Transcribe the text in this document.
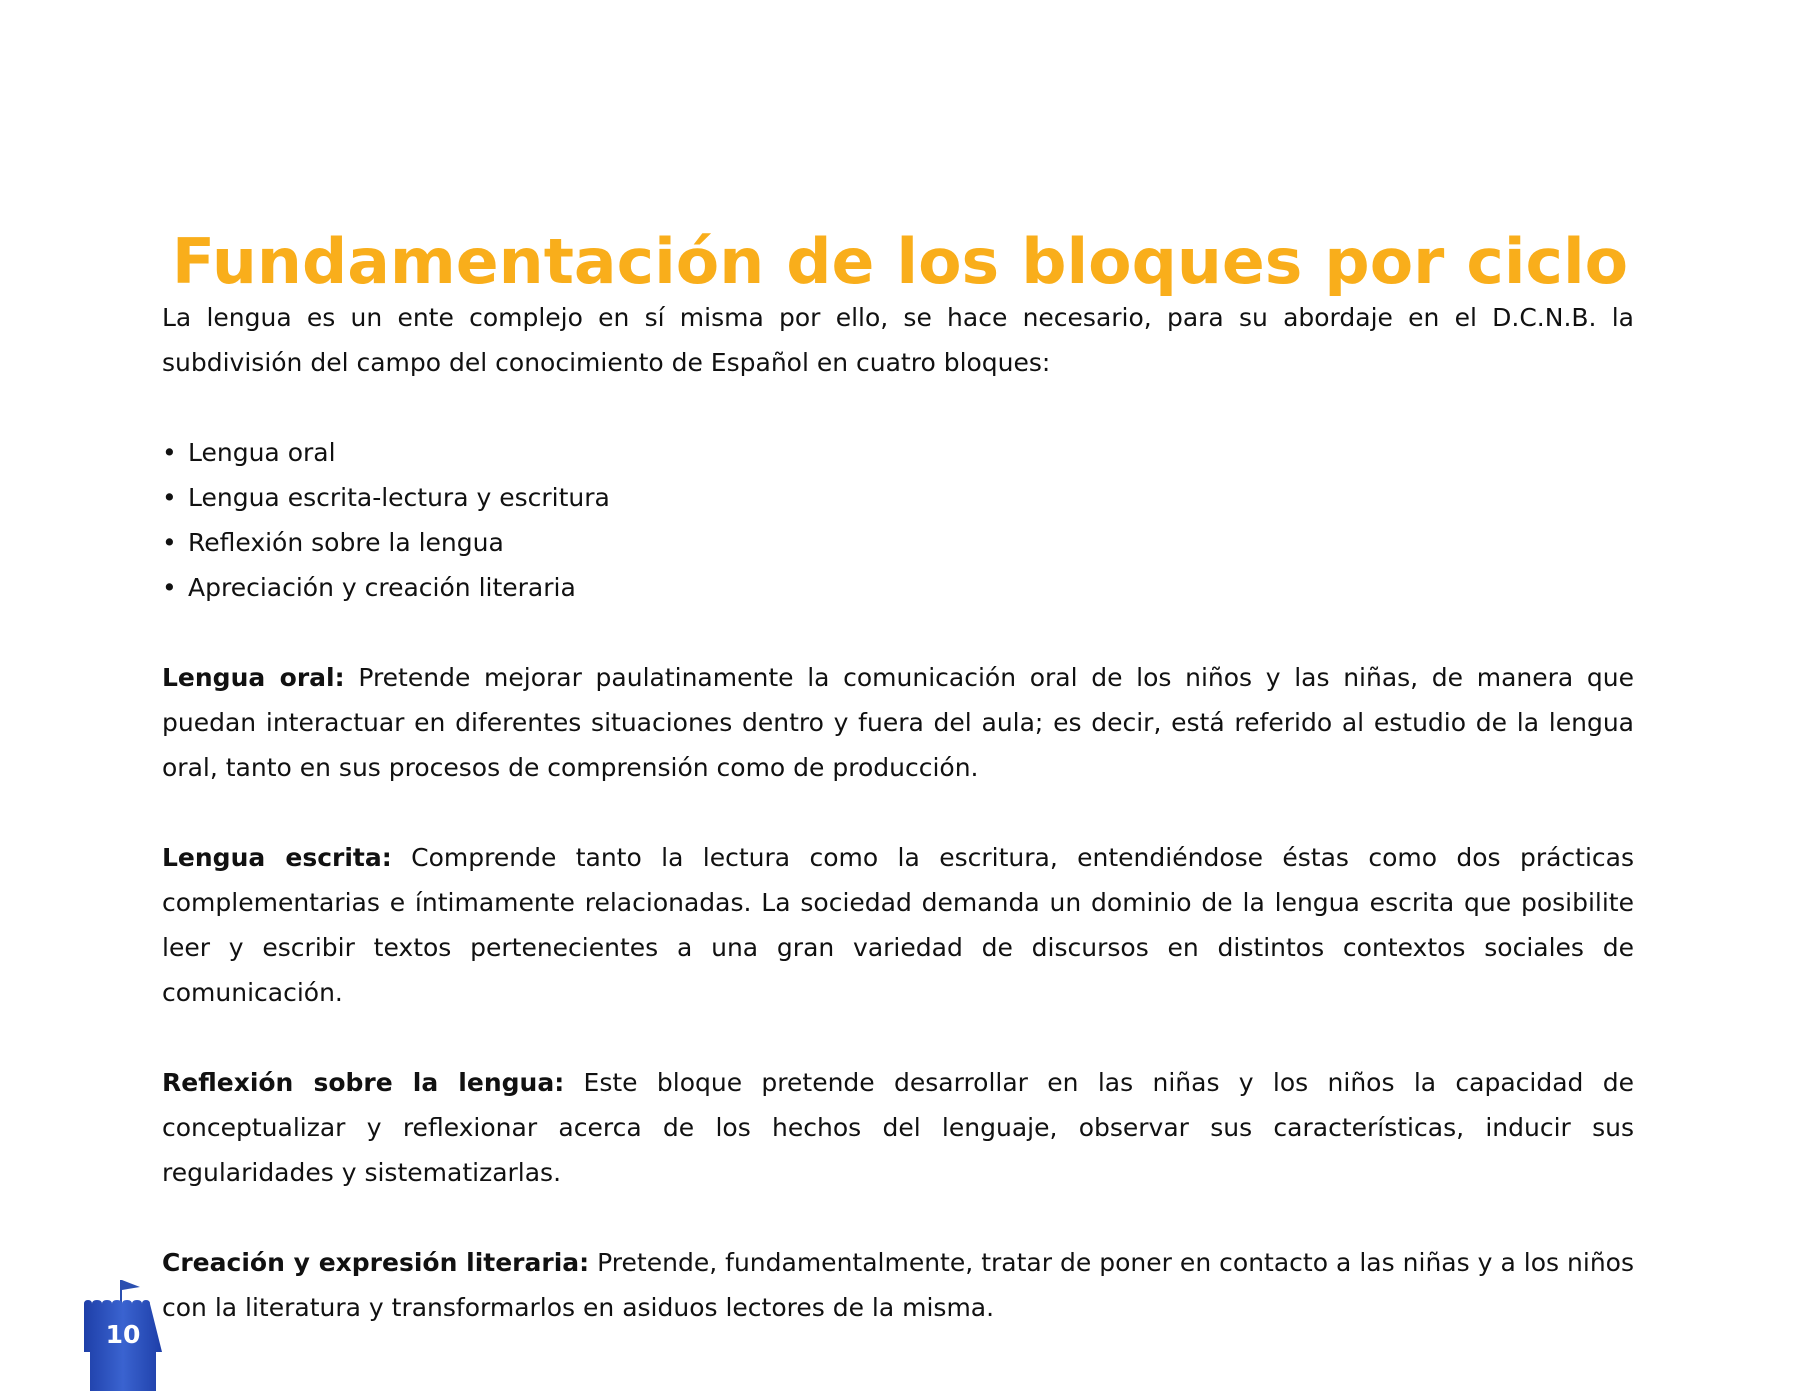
Fundamentación de los bloques por ciclo

La lengua es un ente complejo en sí misma por ello, se hace necesario, para su abordaje en el D.C.N.B. la subdivisión del campo del conocimiento de Español en cuatro bloques:

• Lengua oral
• Lengua escrita-lectura y escritura
• Reflexión sobre la lengua
• Apreciación y creación literaria

Lengua oral: Pretende mejorar paulatinamente la comunicación oral de los niños y las niñas, de manera que puedan interactuar en diferentes situaciones dentro y fuera del aula; es decir, está referido al estudio de la lengua oral, tanto en sus procesos de comprensión como de producción.

Lengua escrita: Comprende tanto la lectura como la escritura, entendiéndose éstas como dos prácticas complementarias e íntimamente relacionadas. La sociedad demanda un dominio de la lengua escrita que posibilite leer y escribir textos pertenecientes a una gran variedad de discursos en distintos contextos sociales de comunicación.

Reflexión sobre la lengua: Este bloque pretende desarrollar en las niñas y los niños la capacidad de conceptualizar y reflexionar acerca de los hechos del lenguaje, observar sus características, inducir sus regularidades y sistematizarlas.

Creación y expresión literaria: Pretende, fundamentalmente, tratar de poner en contacto a las niñas y a los niños con la literatura y transformarlos en asiduos lectores de la misma.

10
